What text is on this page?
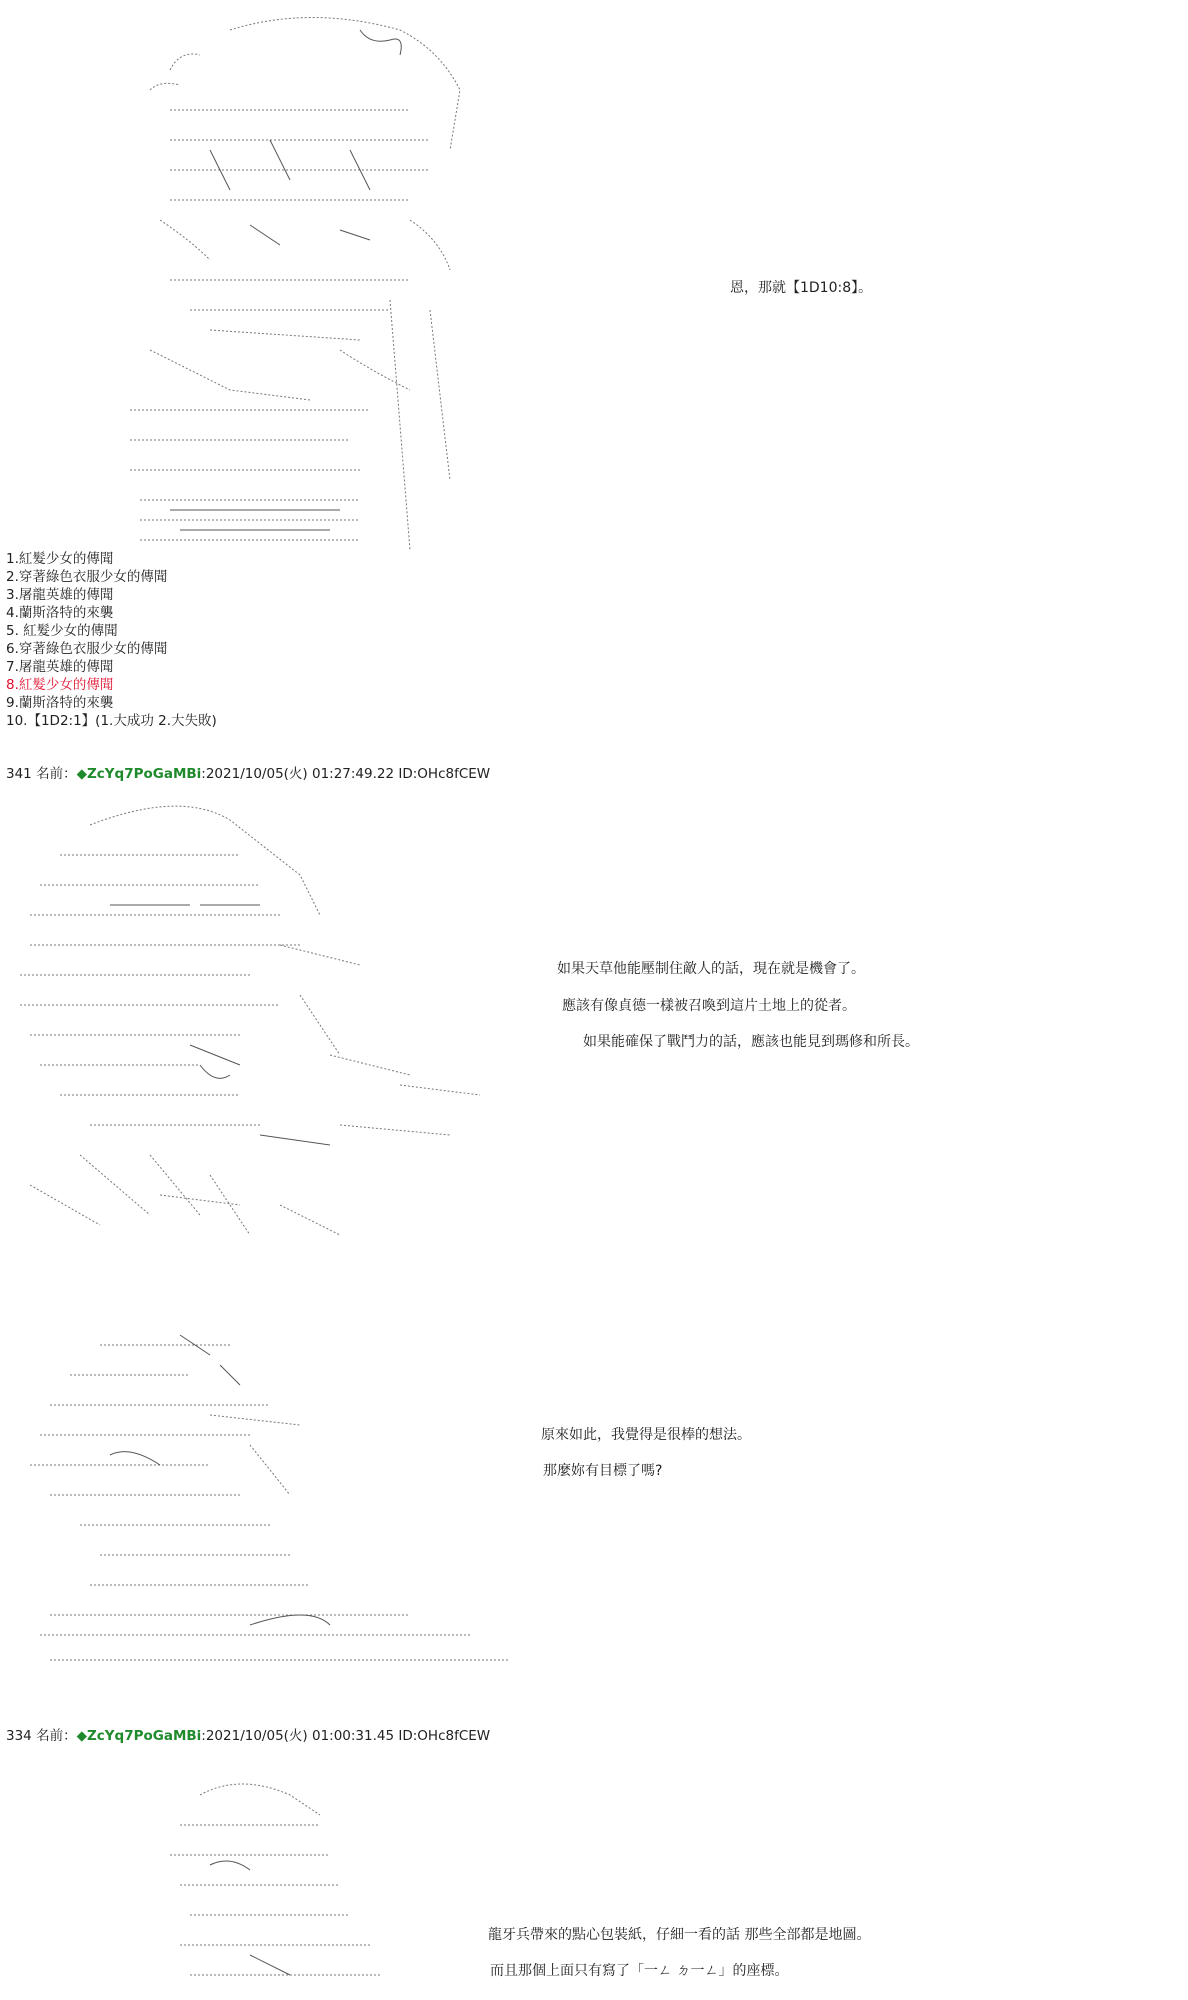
恩，那就【1D10:8】。
1.紅髮少女的傳聞
2.穿著綠色衣服少女的傳聞
3.屠龍英雄的傳聞
4.蘭斯洛特的來襲
5. 紅髮少女的傳聞
6.穿著綠色衣服少女的傳聞
7.屠龍英雄的傳聞
8.紅髮少女的傳聞
9.蘭斯洛特的來襲
10.【1D2:1】(1.大成功 2.大失敗)
341 名前：◆ZcYq7PoGaMBi:2021/10/05(火) 01:27:49.22 ID:OHc8fCEW
如果天草他能壓制住敵人的話，現在就是機會了。
應該有像貞德一樣被召喚到這片土地上的從者。
如果能確保了戰鬥力的話，應該也能見到瑪修和所長。
原來如此，我覺得是很棒的想法。
那麼妳有目標了嗎?
334 名前：◆ZcYq7PoGaMBi:2021/10/05(火) 01:00:31.45 ID:OHc8fCEW
龍牙兵帶來的點心包裝紙，仔細一看的話 那些全部都是地圖。
而且那個上面只有寫了「一ㄥ ㄉ一ㄥ」的座標。
